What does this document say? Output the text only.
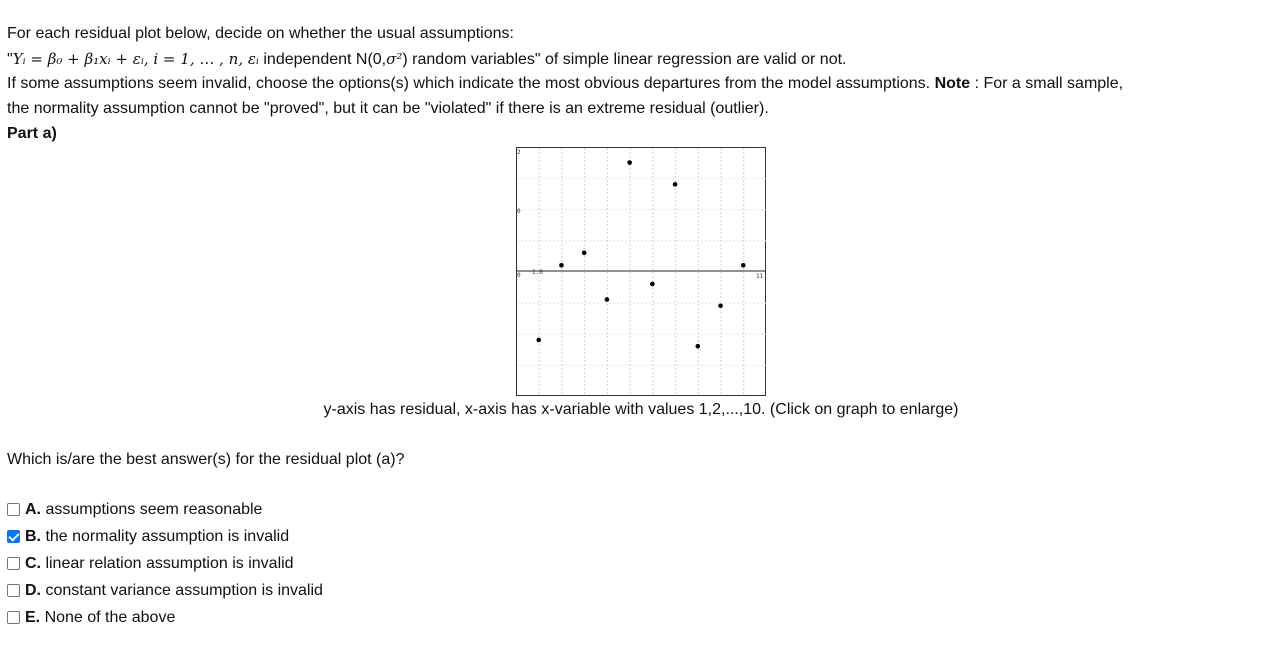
For each residual plot below, decide on whether the usual assumptions:
"Yᵢ = β₀ + β₁xᵢ + εᵢ, i = 1, … , n, εᵢ independent N(0,σ²) random variables" of simple linear regression are valid or not.
If some assumptions seem invalid, choose the options(s) which indicate the most obvious departures from the model assumptions. Note : For a small sample,
the normality assumption cannot be "proved", but it can be "violated" if there is an extreme residual (outlier).
Part a)
2
0
0 1.0
11
y-axis has residual, x-axis has x-variable with values 1,2,...,10. (Click on graph to enlarge)
Which is/are the best answer(s) for the residual plot (a)?
A. assumptions seem reasonable
B. the normality assumption is invalid
C. linear relation assumption is invalid
D. constant variance assumption is invalid
E. None of the above
